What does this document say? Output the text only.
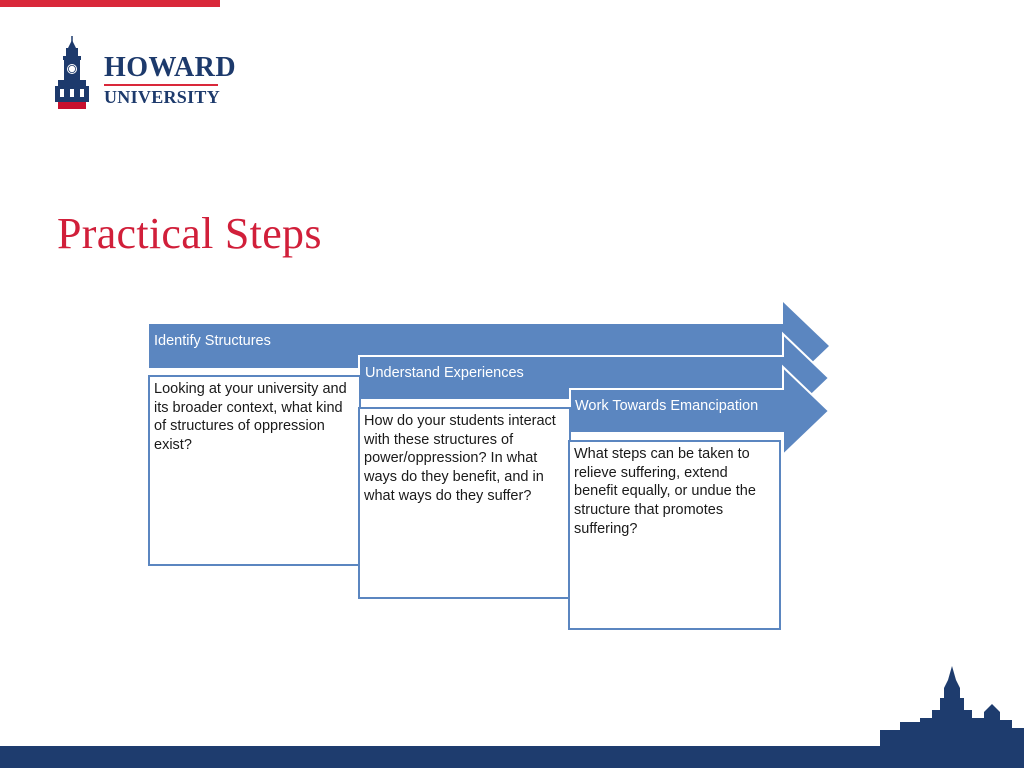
HOWARD
UNIVERSITY
Practical Steps
Identify Structures
Understand Experiences
Work Towards Emancipation
Looking at your university and its broader context, what kind of structures of oppression exist?
How do your students interact with these structures of power/oppression? In what ways do they benefit, and in what ways do they suffer?
What steps can be taken to relieve suffering, extend benefit equally, or undue the structure that promotes suffering?
